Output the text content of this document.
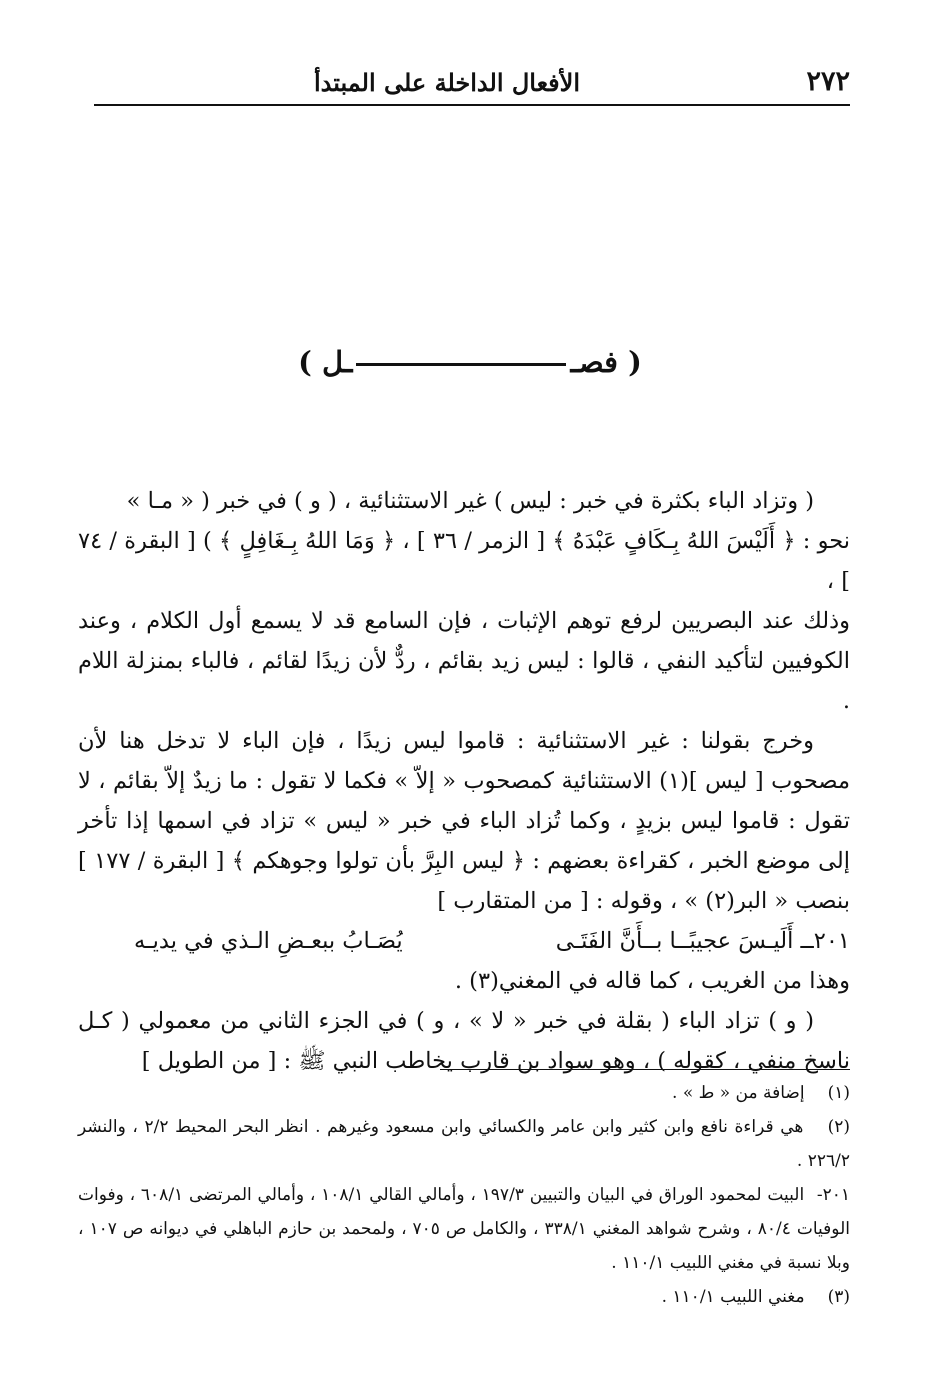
٢٧٢
الأفعال الداخلة على المبتدأ
( فصــل )

( وتزاد الباء بكثرة في خبر : ليس ) غير الاستثنائية ، ( و ) في خبر ( « مـا »

نحو : ﴿ أَلَيْسَ اللهُ بِـكَافٍ عَبْدَهُ ﴾ [ الزمر / ٣٦ ] ، ﴿ وَمَا اللهُ بِـغَافِلٍ ﴾ ) [ البقرة / ٧٤ ] ،

وذلك عند البصريين لرفع توهم الإثبات ، فإن السامع قد لا يسمع أول الكلام ، وعند الكوفيين لتأكيد النفي ، قالوا : ليس زيد بقائم ، ردٌّ لأن زيدًا لقائم ، فالباء بمنزلة اللام .

وخرج بقولنا : غير الاستثنائية : قاموا ليس زيدًا ، فإن الباء لا تدخل هنا لأن مصحوب [ ليس ](١) الاستثنائية كمصحوب « إلاّ » فكما لا تقول : ما زيدٌ إلاّ بقائم ، لا تقول : قاموا ليس بزيدٍ ، وكما تُزاد الباء في خبر « ليس » تزاد في اسمها إذا تأخر إلى موضع الخبر ، كقراءة بعضهم : ﴿ ليس البِرَّ بأن تولوا وجوهكم ﴾ [ البقرة / ١٧٧ ] بنصب « البر(٢) » ، وقوله : [ من المتقارب ]

٢٠١ــ أَلَيـسَ عجيبًــا بــأَنَّ الفَتَـى
يُصَـابُ ببعـضِ الـذي في يديـه

وهذا من الغريب ، كما قاله في المغني(٣) .

( و ) تزاد الباء ( بقلة في خبر « لا » ، و ) في الجزء الثاني من معمولي ( كـل ناسخ منفي ، كقوله ) ، وهو سواد بن قارب يخاطب النبي ﷺ : [ من الطويل ]

(١) إضافة من « ط » .

(٢) هي قراءة نافع وابن كثير وابن عامر والكسائي وابن مسعود وغيرهم . انظر البحر المحيط ٢/٢ ، والنشر ٢٢٦/٢ .

٢٠١- البيت لمحمود الوراق في البيان والتبيين ١٩٧/٣ ، وأمالي القالي ١٠٨/١ ، وأمالي المرتضى ٦٠٨/١ ، وفوات الوفيات ٨٠/٤ ، وشرح شواهد المغني ٣٣٨/١ ، والكامل ص ٧٠٥ ، ولمحمد بن حازم الباهلي في ديوانه ص ١٠٧ ، وبلا نسبة في مغني اللبيب ١١٠/١ .

(٣) مغني اللبيب ١١٠/١ .
